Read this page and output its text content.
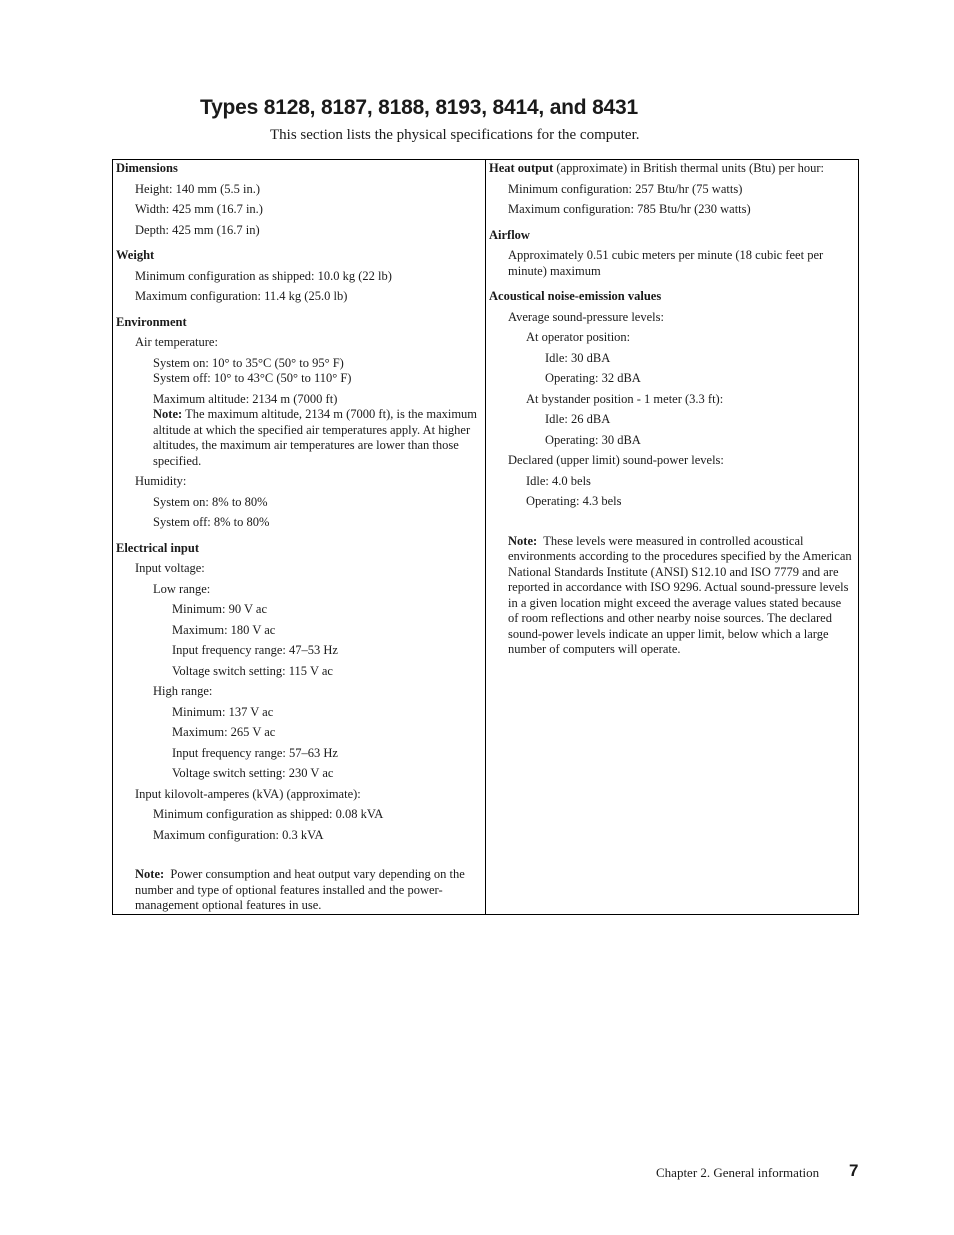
Types 8128, 8187, 8188, 8193, 8414, and 8431

This section lists the physical specifications for the computer.

Dimensions
Height: 140 mm (5.5 in.)
Width: 425 mm (16.7 in.)
Depth: 425 mm (16.7 in)
Weight
Minimum configuration as shipped: 10.0 kg (22 lb)
Maximum configuration: 11.4 kg (25.0 lb)
Environment
Air temperature:
System on: 10° to 35°C (50° to 95° F)
System off: 10° to 43°C (50° to 110° F)
Maximum altitude: 2134 m (7000 ft)
Note: The maximum altitude, 2134 m (7000 ft), is the maximum altitude at which the specified air temperatures apply. At higher altitudes, the maximum air temperatures are lower than those specified.
Humidity:
System on: 8% to 80%
System off: 8% to 80%
Electrical input
Input voltage:
Low range:
Minimum: 90 V ac
Maximum: 180 V ac
Input frequency range: 47–53 Hz
Voltage switch setting: 115 V ac
High range:
Minimum: 137 V ac
Maximum: 265 V ac
Input frequency range: 57–63 Hz
Voltage switch setting: 230 V ac
Input kilovolt-amperes (kVA) (approximate):
Minimum configuration as shipped: 0.08 kVA
Maximum configuration: 0.3 kVA
Note: Power consumption and heat output vary depending on the number and type of optional features installed and the power-management optional features in use.
Heat output (approximate) in British thermal units (Btu) per hour:
Minimum configuration: 257 Btu/hr (75 watts)
Maximum configuration: 785 Btu/hr (230 watts)
Airflow
Approximately 0.51 cubic meters per minute (18 cubic feet per minute) maximum
Acoustical noise-emission values
Average sound-pressure levels:
At operator position:
Idle: 30 dBA
Operating: 32 dBA
At bystander position - 1 meter (3.3 ft):
Idle: 26 dBA
Operating: 30 dBA
Declared (upper limit) sound-power levels:
Idle: 4.0 bels
Operating: 4.3 bels
Note: These levels were measured in controlled acoustical environments according to the procedures specified by the American National Standards Institute (ANSI) S12.10 and ISO 7779 and are reported in accordance with ISO 9296. Actual sound-pressure levels in a given location might exceed the average values stated because of room reflections and other nearby noise sources. The declared sound-power levels indicate an upper limit, below which a large number of computers will operate.
Chapter 2. General information 7
